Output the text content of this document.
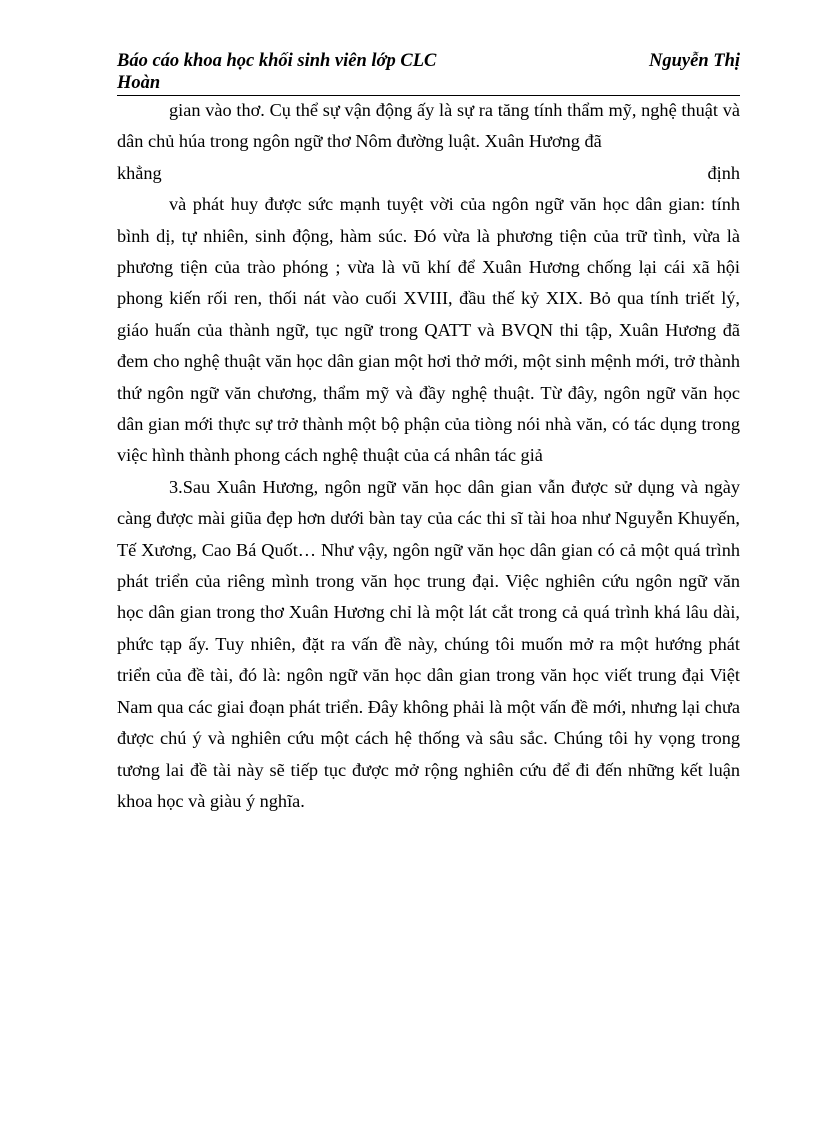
Báo cáo khoa học khối sinh viên lớp CLC	Nguyễn Thị
Hoàn

gian vào thơ. Cụ thể sự vận động ấy là sự ra tăng tính thẩm mỹ, nghệ thuật và dân chủ húa trong ngôn ngữ thơ Nôm đường luật. Xuân Hương đã

khẳng	định

và phát huy được sức mạnh tuyệt vời của ngôn ngữ văn học dân gian: tính bình dị, tự nhiên, sinh động, hàm súc. Đó vừa là phương tiện của trữ tình, vừa là phương tiện của trào phóng ; vừa là vũ khí để Xuân Hương chống lại cái xã hội phong kiến rối ren, thối nát vào cuối XVIII, đầu thế kỷ XIX. Bỏ qua tính triết lý, giáo huấn của thành ngữ, tục ngữ trong QATT và BVQN thi tập, Xuân Hương đã đem cho nghệ thuật văn học dân gian một hơi thở mới, một sinh mệnh mới, trở thành thứ ngôn ngữ văn chương, thẩm mỹ và đầy nghệ thuật. Từ đây, ngôn ngữ văn học dân gian mới thực sự trở thành một bộ phận của tiòng nói nhà văn, có tác dụng trong việc hình thành phong cách nghệ thuật của cá nhân tác giả

3.Sau Xuân Hương, ngôn ngữ văn học dân gian vẫn được sử dụng và ngày càng được mài giũa đẹp hơn dưới bàn tay của các thi sĩ tài hoa như Nguyễn Khuyến, Tế Xương, Cao Bá Quốt… Như vậy, ngôn ngữ văn học dân gian có cả một quá trình phát triển của riêng mình trong văn học trung đại. Việc nghiên cứu ngôn ngữ văn học dân gian trong thơ Xuân Hương chỉ là một lát cắt trong cả quá trình khá lâu dài, phức tạp ấy. Tuy nhiên, đặt ra vấn đề này, chúng tôi muốn mở ra một hướng phát triển của đề tài, đó là: ngôn ngữ văn học dân gian trong văn học viết trung đại Việt Nam qua các giai đoạn phát triển. Đây không phải là một vấn đề mới, nhưng lại chưa được chú ý và nghiên cứu một cách hệ thống và sâu sắc. Chúng tôi hy vọng trong tương lai đề tài này sẽ tiếp tục được mở rộng nghiên cứu để đi đến những kết luận khoa học và giàu ý nghĩa.
